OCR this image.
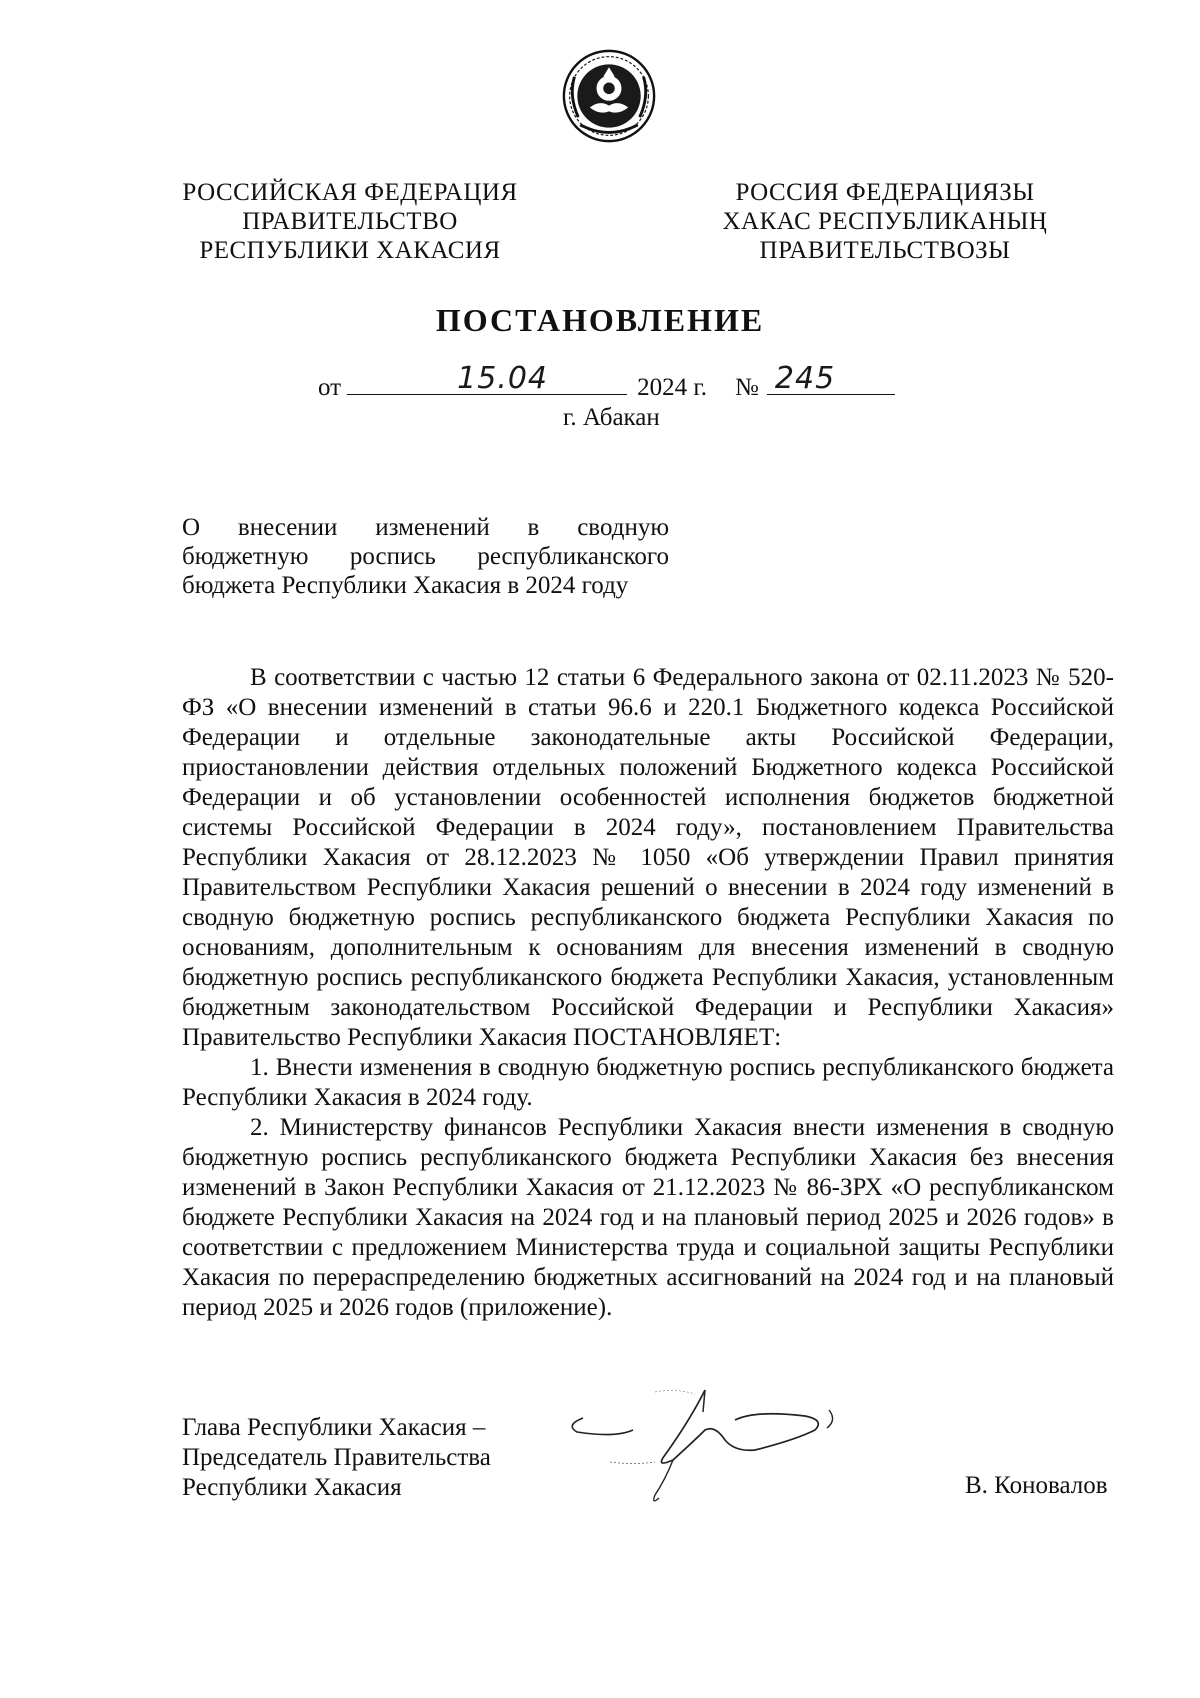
РОССИЙСКАЯ ФЕДЕРАЦИЯ
ПРАВИТЕЛЬСТВО
РЕСПУБЛИКИ ХАКАСИЯ
РОССИЯ ФЕДЕРАЦИЯЗЫ
ХАКАС РЕСПУБЛИКАНЫҢ
ПРАВИТЕЛЬСТВОЗЫ
ПОСТАНОВЛЕНИЕ
от	15.04	2024 г. № 245
г. Абакан
О внесении изменений в сводную
бюджетную роспись республиканского
бюджета Республики Хакасия в 2024 году

В соответствии с частью 12 статьи 6 Федерального закона от 02.11.2023 № 520-ФЗ «О внесении изменений в статьи 96.6 и 220.1 Бюджетного кодекса Российской Федерации и отдельные законодательные акты Российской Федерации, приостановлении действия отдельных положений Бюджетного кодекса Российской Федерации и об установлении особенностей исполнения бюджетов бюджетной системы Российской Федерации в 2024 году», постановлением Правительства Республики Хакасия от 28.12.2023 № 1050 «Об утверждении Правил принятия Правительством Республики Хакасия решений о внесении в 2024 году изменений в сводную бюджетную роспись республиканского бюджета Республики Хакасия по основаниям, дополнительным к основаниям для внесения изменений в сводную бюджетную роспись республиканского бюджета Республики Хакасия, установленным бюджетным законодательством Российской Федерации и Республики Хакасия» Правительство Республики Хакасия ПОСТАНОВЛЯЕТ:

1. Внести изменения в сводную бюджетную роспись республиканского бюджета Республики Хакасия в 2024 году.

2. Министерству финансов Республики Хакасия внести изменения в сводную бюджетную роспись республиканского бюджета Республики Хакасия без внесения изменений в Закон Республики Хакасия от 21.12.2023 № 86-ЗРХ «О республиканском бюджете Республики Хакасия на 2024 год и на плановый период 2025 и 2026 годов» в соответствии с предложением Министерства труда и социальной защиты Республики Хакасия по перераспределению бюджетных ассигнований на 2024 год и на плановый период 2025 и 2026 годов (приложение).

Глава Республики Хакасия –
Председатель Правительства
Республики Хакасия	В. Коновалов
